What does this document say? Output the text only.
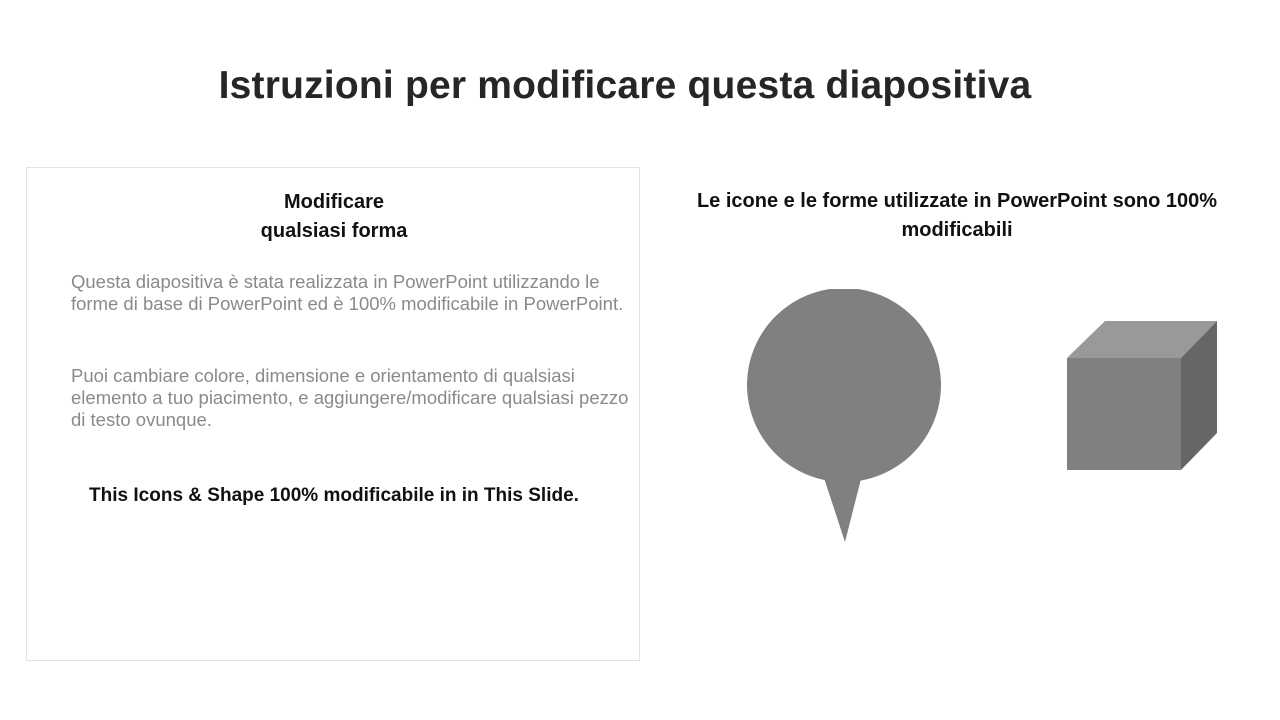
Istruzioni per modificare questa diapositiva
Modificare
qualsiasi forma
Questa diapositiva è stata realizzata in PowerPoint utilizzando le forme di base di PowerPoint ed è 100% modificabile in PowerPoint.
Puoi cambiare colore, dimensione e orientamento di qualsiasi elemento a tuo piacimento, e aggiungere/modificare qualsiasi pezzo di testo ovunque.
This Icons & Shape 100% modificabile in in This Slide.
Le icone e le forme utilizzate in PowerPoint sono 100% modificabili
